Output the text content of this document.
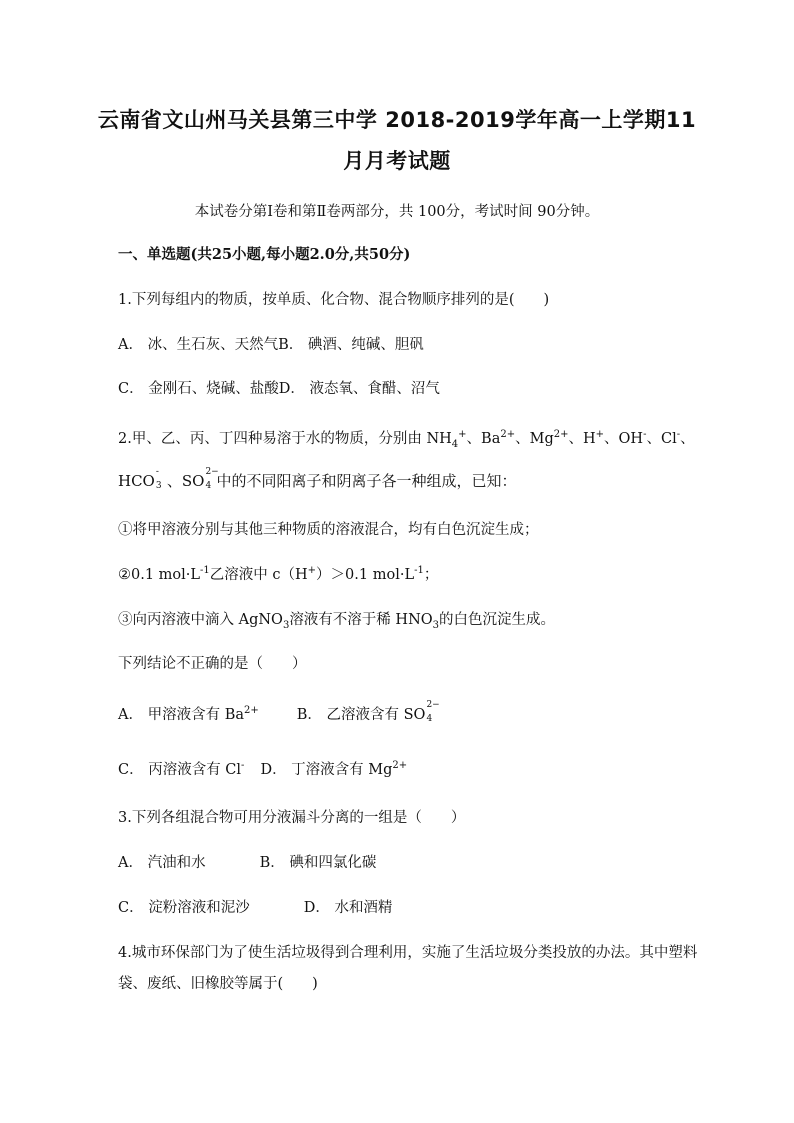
云南省文山州马关县第三中学 2018-2019学年高一上学期11
月月考试题
本试卷分第Ⅰ卷和第Ⅱ卷两部分，共 100分，考试时间 90分钟。
一、单选题(共25小题,每小题2.0分,共50分)
1.下列每组内的物质，按单质、化合物、混合物顺序排列的是(　　)
A． 冰、生石灰、天然气B． 碘酒、纯碱、胆矾
C． 金刚石、烧碱、盐酸D． 液态氧、食醋、沼气
2.甲、乙、丙、丁四种易溶于水的物质，分别由 $NH_4^+$、$Ba^{2+}$、$Mg^{2+}$、H+、OH-、Cl-、
HCO -
3 、SO 2−
4 中的不同阳离子和阴离子各一种组成，已知：
①将甲溶液分别与其他三种物质的溶液混合，均有白色沉淀生成；
②0.1 $mol\cdot L^{-1}$乙溶液中 c（H+）＞0.1 $mol\cdot L^{-1}$；
③向丙溶液中滴入 AgNO$_3$溶液有不溶于稀 $HNO_3$的白色沉淀生成。
下列结论不正确的是（　　）
A． 甲溶液含有 $Ba^{2+}$	B． 乙溶液含有 SO
2−
4
C． 丙溶液含有 Cl- D． 丁溶液含有 $Mg^{2+}$
3.下列各组混合物可用分液漏斗分离的一组是（　　）
A． 汽油和水	B． 碘和四氯化碳
C． 淀粉溶液和泥沙	D． 水和酒精
4.城市环保部门为了使生活垃圾得到合理利用，实施了生活垃圾分类投放的办法。其中塑料
袋、废纸、旧橡胶等属于(　　)
